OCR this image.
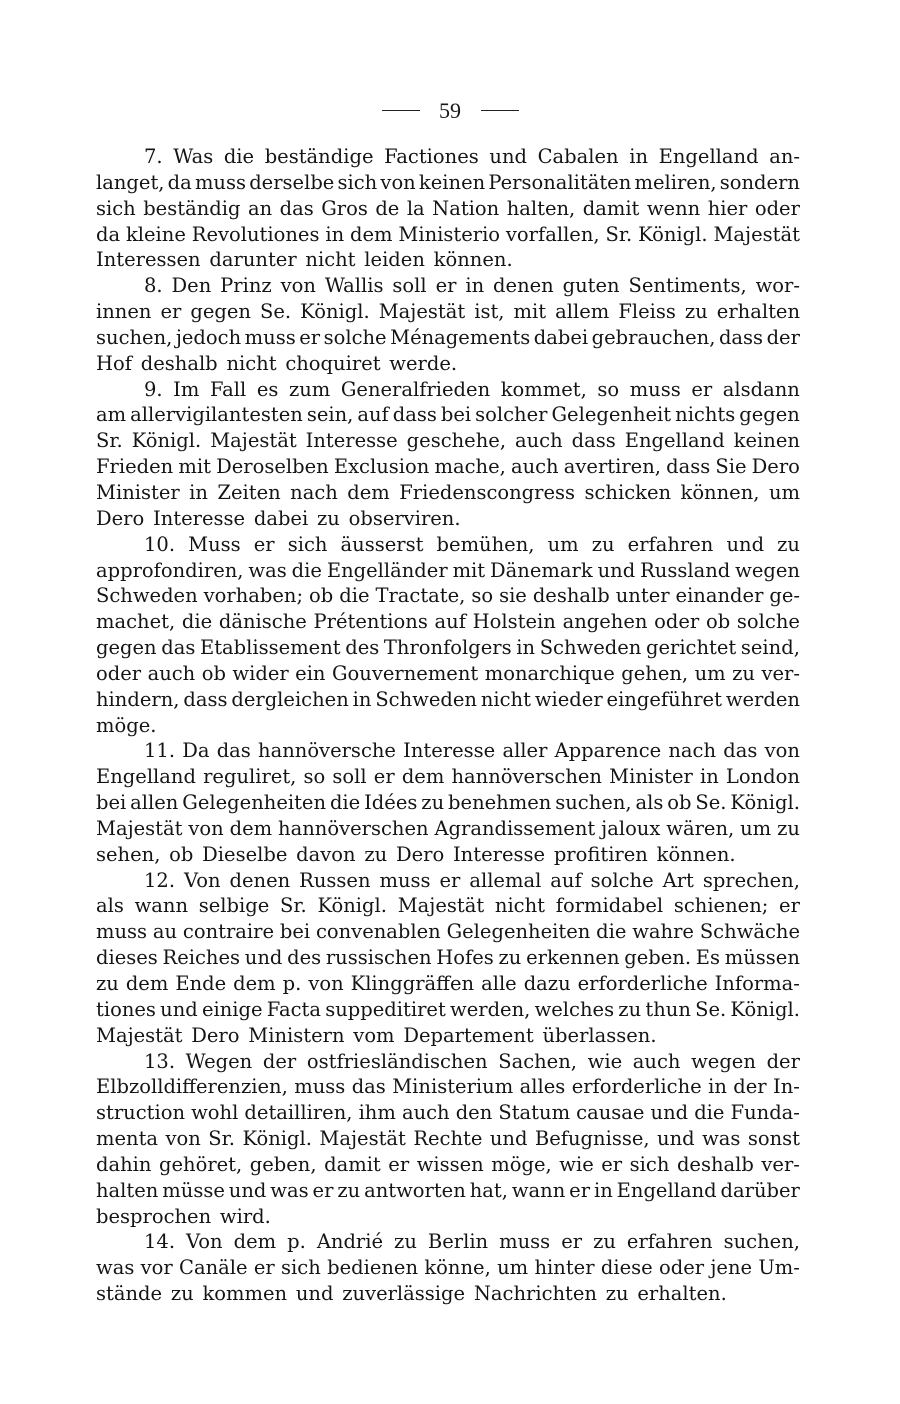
59
7. Was die beständige Factiones und Cabalen in Engelland an-
langet, da muss derselbe sich von keinen Personalitäten meliren, sondern
sich beständig an das Gros de la Nation halten, damit wenn hier oder
da kleine Revolutiones in dem Ministerio vorfallen, Sr. Königl. Majestät
Interessen darunter nicht leiden können.
8. Den Prinz von Wallis soll er in denen guten Sentiments, wor-
innen er gegen Se. Königl. Majestät ist, mit allem Fleiss zu erhalten
suchen, jedoch muss er solche Ménagements dabei gebrauchen, dass der
Hof deshalb nicht choquiret werde.
9. Im Fall es zum Generalfrieden kommet, so muss er alsdann
am allervigilantesten sein, auf dass bei solcher Gelegenheit nichts gegen
Sr. Königl. Majestät Interesse geschehe, auch dass Engelland keinen
Frieden mit Deroselben Exclusion mache, auch avertiren, dass Sie Dero
Minister in Zeiten nach dem Friedenscongress schicken können, um
Dero Interesse dabei zu observiren.
10. Muss er sich äusserst bemühen, um zu erfahren und zu
approfondiren, was die Engelländer mit Dänemark und Russland wegen
Schweden vorhaben; ob die Tractate, so sie deshalb unter einander ge-
machet, die dänische Prétentions auf Holstein angehen oder ob solche
gegen das Etablissement des Thronfolgers in Schweden gerichtet seind,
oder auch ob wider ein Gouvernement monarchique gehen, um zu ver-
hindern, dass dergleichen in Schweden nicht wieder eingeführet werden
möge.
11. Da das hannöversche Interesse aller Apparence nach das von
Engelland reguliret, so soll er dem hannöverschen Minister in London
bei allen Gelegenheiten die Idées zu benehmen suchen, als ob Se. Königl.
Majestät von dem hannöverschen Agrandissement jaloux wären, um zu
sehen, ob Dieselbe davon zu Dero Interesse profitiren können.
12. Von denen Russen muss er allemal auf solche Art sprechen,
als wann selbige Sr. Königl. Majestät nicht formidabel schienen; er
muss au contraire bei convenablen Gelegenheiten die wahre Schwäche
dieses Reiches und des russischen Hofes zu erkennen geben. Es müssen
zu dem Ende dem p. von Klinggräffen alle dazu erforderliche Informa-
tiones und einige Facta suppeditiret werden, welches zu thun Se. Königl.
Majestät Dero Ministern vom Departement überlassen.
13. Wegen der ostfriesländischen Sachen, wie auch wegen der
Elbzolldifferenzien, muss das Ministerium alles erforderliche in der In-
struction wohl detailliren, ihm auch den Statum causae und die Funda-
menta von Sr. Königl. Majestät Rechte und Befugnisse, und was sonst
dahin gehöret, geben, damit er wissen möge, wie er sich deshalb ver-
halten müsse und was er zu antworten hat, wann er in Engelland darüber
besprochen wird.
14. Von dem p. Andrié zu Berlin muss er zu erfahren suchen,
was vor Canäle er sich bedienen könne, um hinter diese oder jene Um-
stände zu kommen und zuverlässige Nachrichten zu erhalten.
